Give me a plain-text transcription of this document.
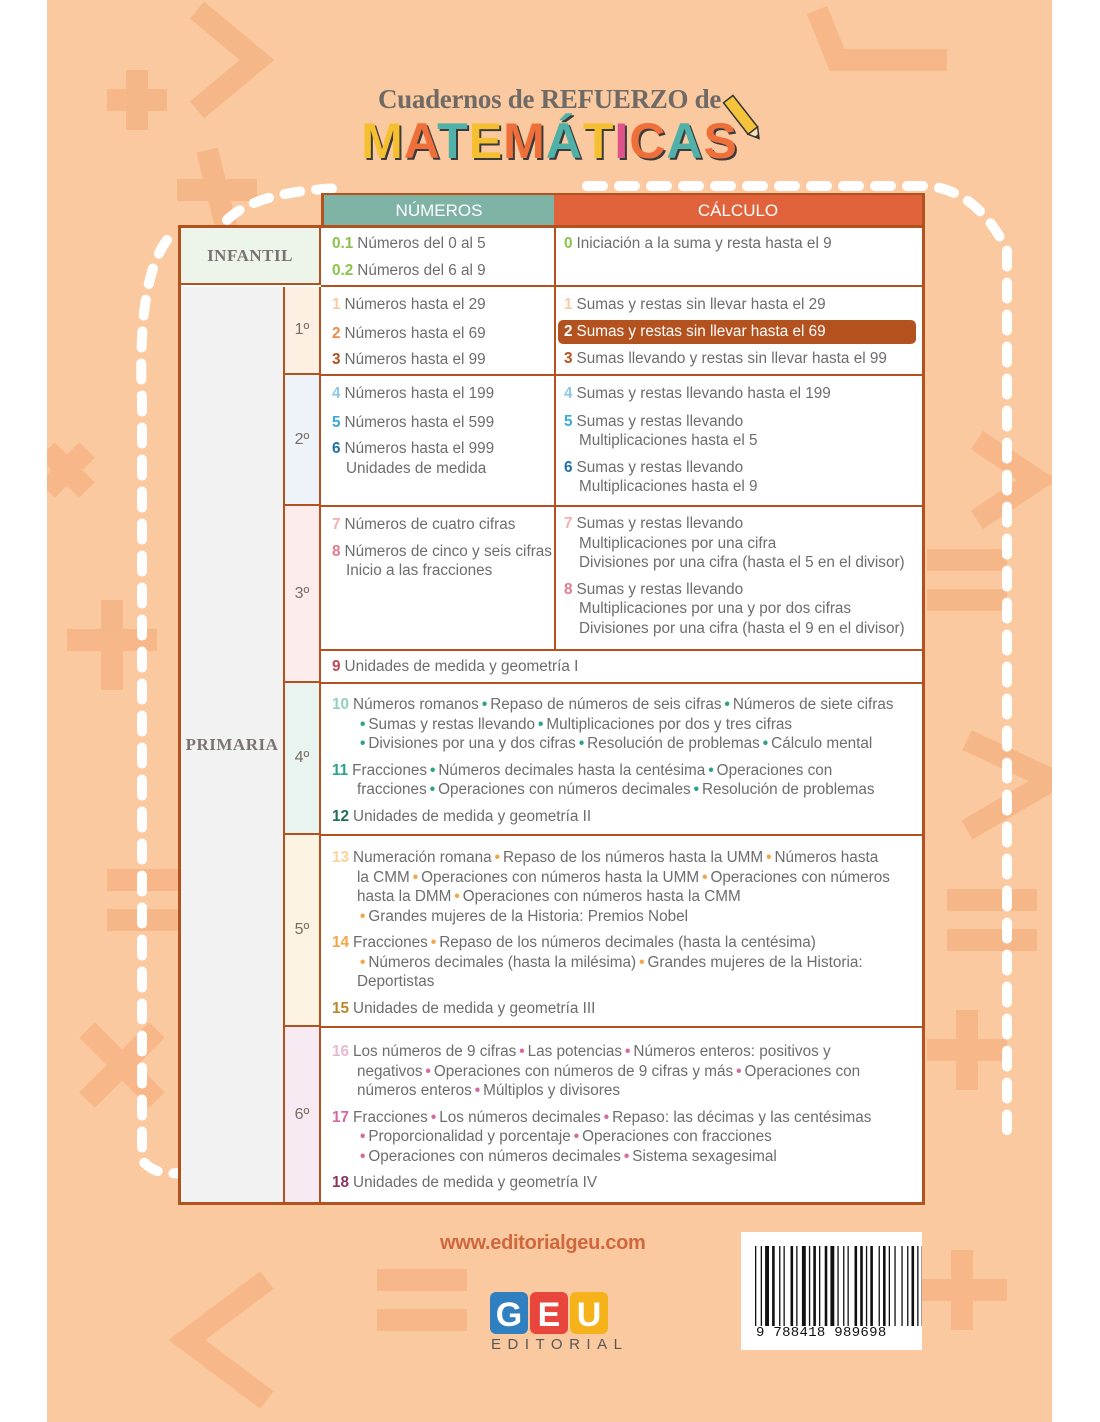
Cuadernos de REFUERZO de
MATEMÁTICAS
NÚMEROS	CÁLCULO
INFANTIL
PRIMARIA
1º
2º
3º
4º
5º
6º
0.1 Números del 0 al 5
0.2 Números del 6 al 9
0 Iniciación a la suma y resta hasta el 9
1 Números hasta el 29
2 Números hasta el 69
3 Números hasta el 99
1 Sumas y restas sin llevar hasta el 29
2 Sumas y restas sin llevar hasta el 69
3 Sumas llevando y restas sin llevar hasta el 99
4 Números hasta el 199
5 Números hasta el 599
6 Números hasta el 999
Unidades de medida
4 Sumas y restas llevando hasta el 199
5 Sumas y restas llevando
Multiplicaciones hasta el 5
6 Sumas y restas llevando
Multiplicaciones hasta el 9
7 Números de cuatro cifras
8 Números de cinco y seis cifras
Inicio a las fracciones
7 Sumas y restas llevando
Multiplicaciones por una cifra
Divisiones por una cifra (hasta el 5 en el divisor)
8 Sumas y restas llevando
Multiplicaciones por una y por dos cifras
Divisiones por una cifra (hasta el 9 en el divisor)
9 Unidades de medida y geometría I
10 Números romanos • Repaso de números de seis cifras • Números de siete cifras
• Sumas y restas llevando • Multiplicaciones por dos y tres cifras
• Divisiones por una y dos cifras • Resolución de problemas • Cálculo mental
11 Fracciones • Números decimales hasta la centésima • Operaciones con
fracciones • Operaciones con números decimales • Resolución de problemas
12 Unidades de medida y geometría II
13 Numeración romana • Repaso de los números hasta la UMM • Números hasta
la CMM • Operaciones con números hasta la UMM • Operaciones con números
hasta la DMM • Operaciones con números hasta la CMM
• Grandes mujeres de la Historia: Premios Nobel
14 Fracciones • Repaso de los números decimales (hasta la centésima)
• Números decimales (hasta la milésima) • Grandes mujeres de la Historia:
Deportistas
15 Unidades de medida y geometría III
16 Los números de 9 cifras • Las potencias • Números enteros: positivos y
negativos • Operaciones con números de 9 cifras y más • Operaciones con
números enteros • Múltiplos y divisores
17 Fracciones • Los números decimales • Repaso: las décimas y las centésimas
• Proporcionalidad y porcentaje • Operaciones con fracciones
• Operaciones con números decimales • Sistema sexagesimal
18 Unidades de medida y geometría IV
www.editorialgeu.com
G E U
EDITORIAL
9 788418 989698
